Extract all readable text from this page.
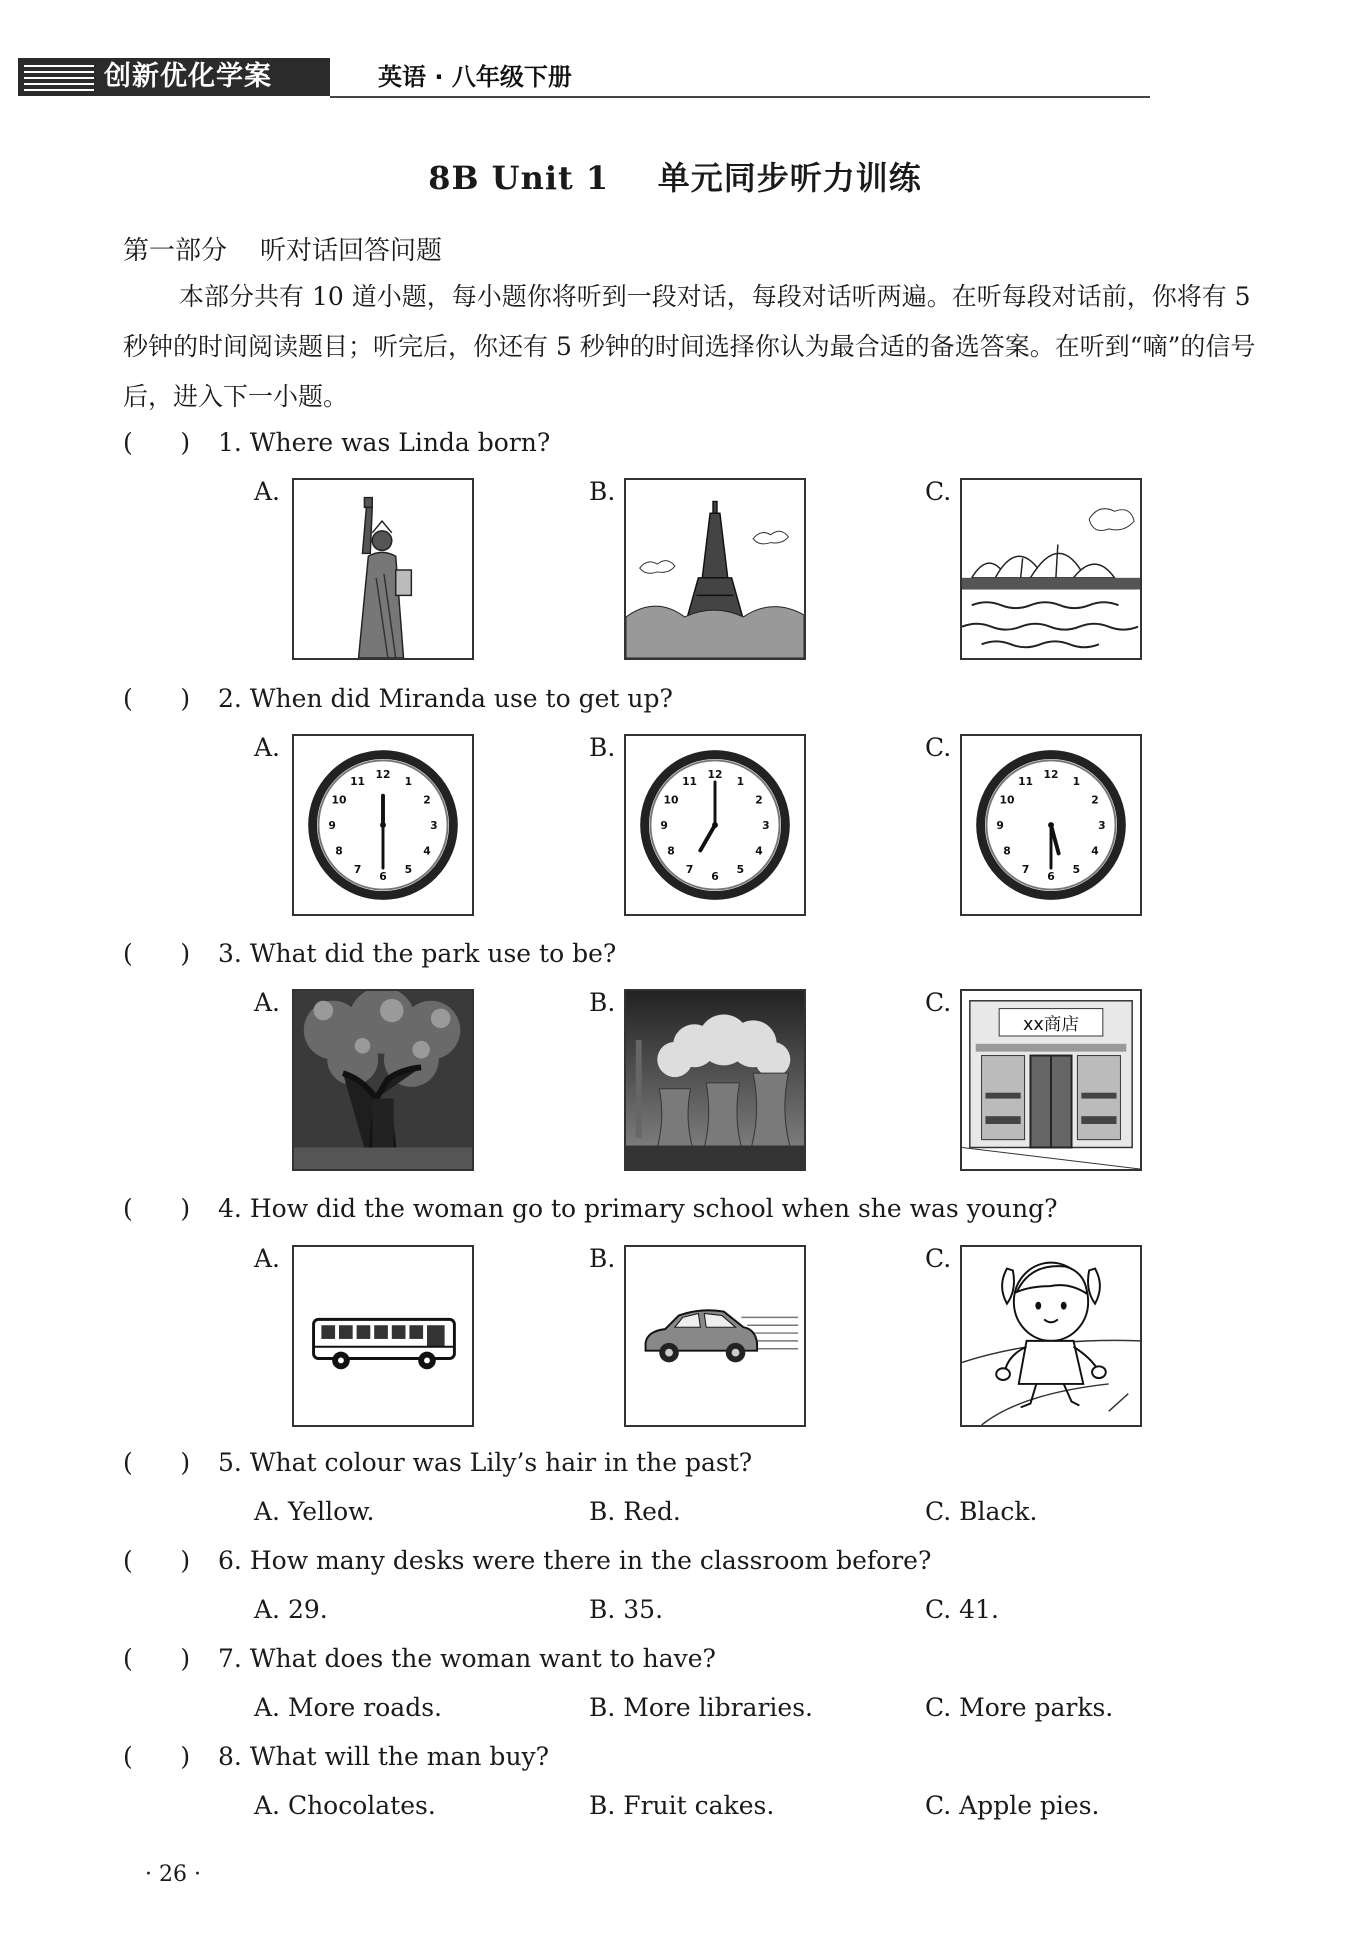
创新优化学案	英语 · 八年级下册
8B Unit 1    单元同步听力训练
第一部分    听对话回答问题
本部分共有 10 道小题，每小题你将听到一段对话，每段对话听两遍。在听每段对话前，你将有 5 秒钟的时间阅读题目；听完后，你还有 5 秒钟的时间选择你认为最合适的备选答案。在听到“嘀”的信号后，进入下一小题。
(      ) 1. Where was Linda born?
A.	B.	C.
(      ) 2. When did Miranda use to get up?
A.	B.	C.
12
1
2
3
4
5
6
7
8
9
10
11
12
1
2
3
4
5
6
7
8
9
10
11
12
1
2
3
4
5
6
7
8
9
10
11
(      ) 3. What did the park use to be?
A.	B.	C.
xx商店
(      ) 4. How did the woman go to primary school when she was young?
A.	B.	C.
(      ) 5. What colour was Lily’s hair in the past?
A. Yellow.	B. Red.	C. Black.
(      ) 6. How many desks were there in the classroom before?
A. 29.	B. 35.	C. 41.
(      ) 7. What does the woman want to have?
A. More roads.	B. More libraries.	C. More parks.
(      ) 8. What will the man buy?
A. Chocolates.	B. Fruit cakes.	C. Apple pies.
· 26 ·
